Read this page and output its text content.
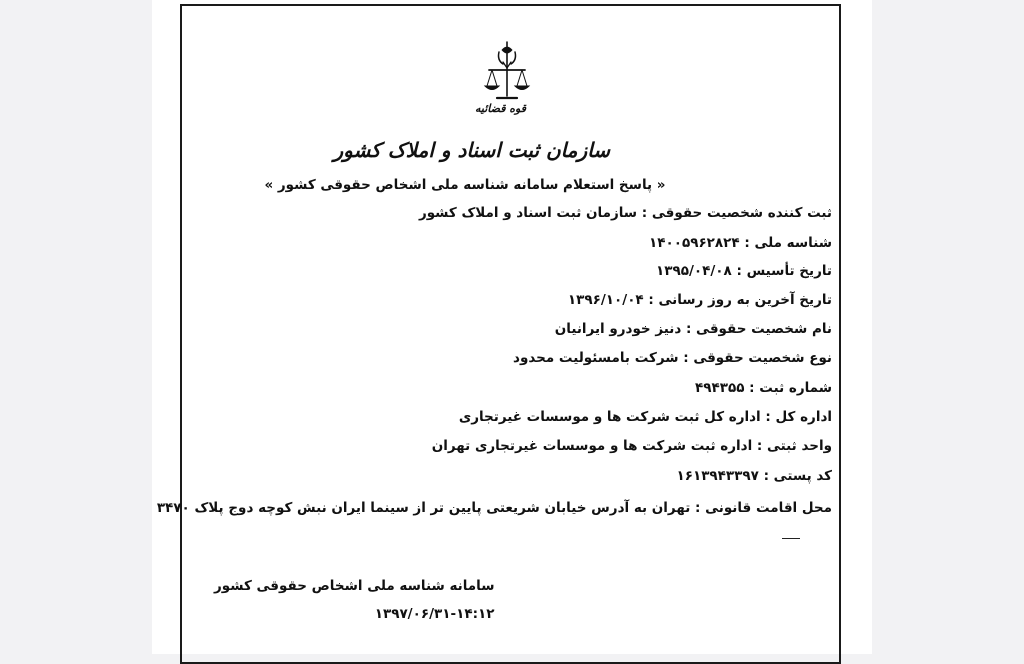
قوه قضائیه
سازمان ثبت اسناد و املاک کشور
« پاسخ استعلام سامانه شناسه ملی اشخاص حقوقی کشور »
ثبت کننده شخصیت حقوقی : سازمان ثبت اسناد و املاک کشور
شناسه ملی : ۱۴۰۰۵۹۶۲۸۲۴
تاریخ تأسیس : ۱۳۹۵/۰۴/۰۸
تاریخ آخرین به روز رسانی : ۱۳۹۶/۱۰/۰۴
نام شخصیت حقوقی : دنیز خودرو ایرانیان
نوع شخصیت حقوقی : شرکت بامسئولیت محدود
شماره ثبت : ۴۹۴۳۵۵
اداره کل : اداره کل ثبت شرکت ها و موسسات غیرتجاری
واحد ثبتی : اداره ثبت شرکت ها و موسسات غیرتجاری تهران
کد پستی : ۱۶۱۳۹۴۳۳۹۷
محل اقامت قانونی : تهران به آدرس خیابان شریعتی پایین تر از سینما ایران نبش کوچه دوج پلاک ۳۴۷۰
سامانه شناسه ملی اشخاص حقوقی کشور
۱۳۹۷/۰۶/۳۱-۱۴:۱۲
